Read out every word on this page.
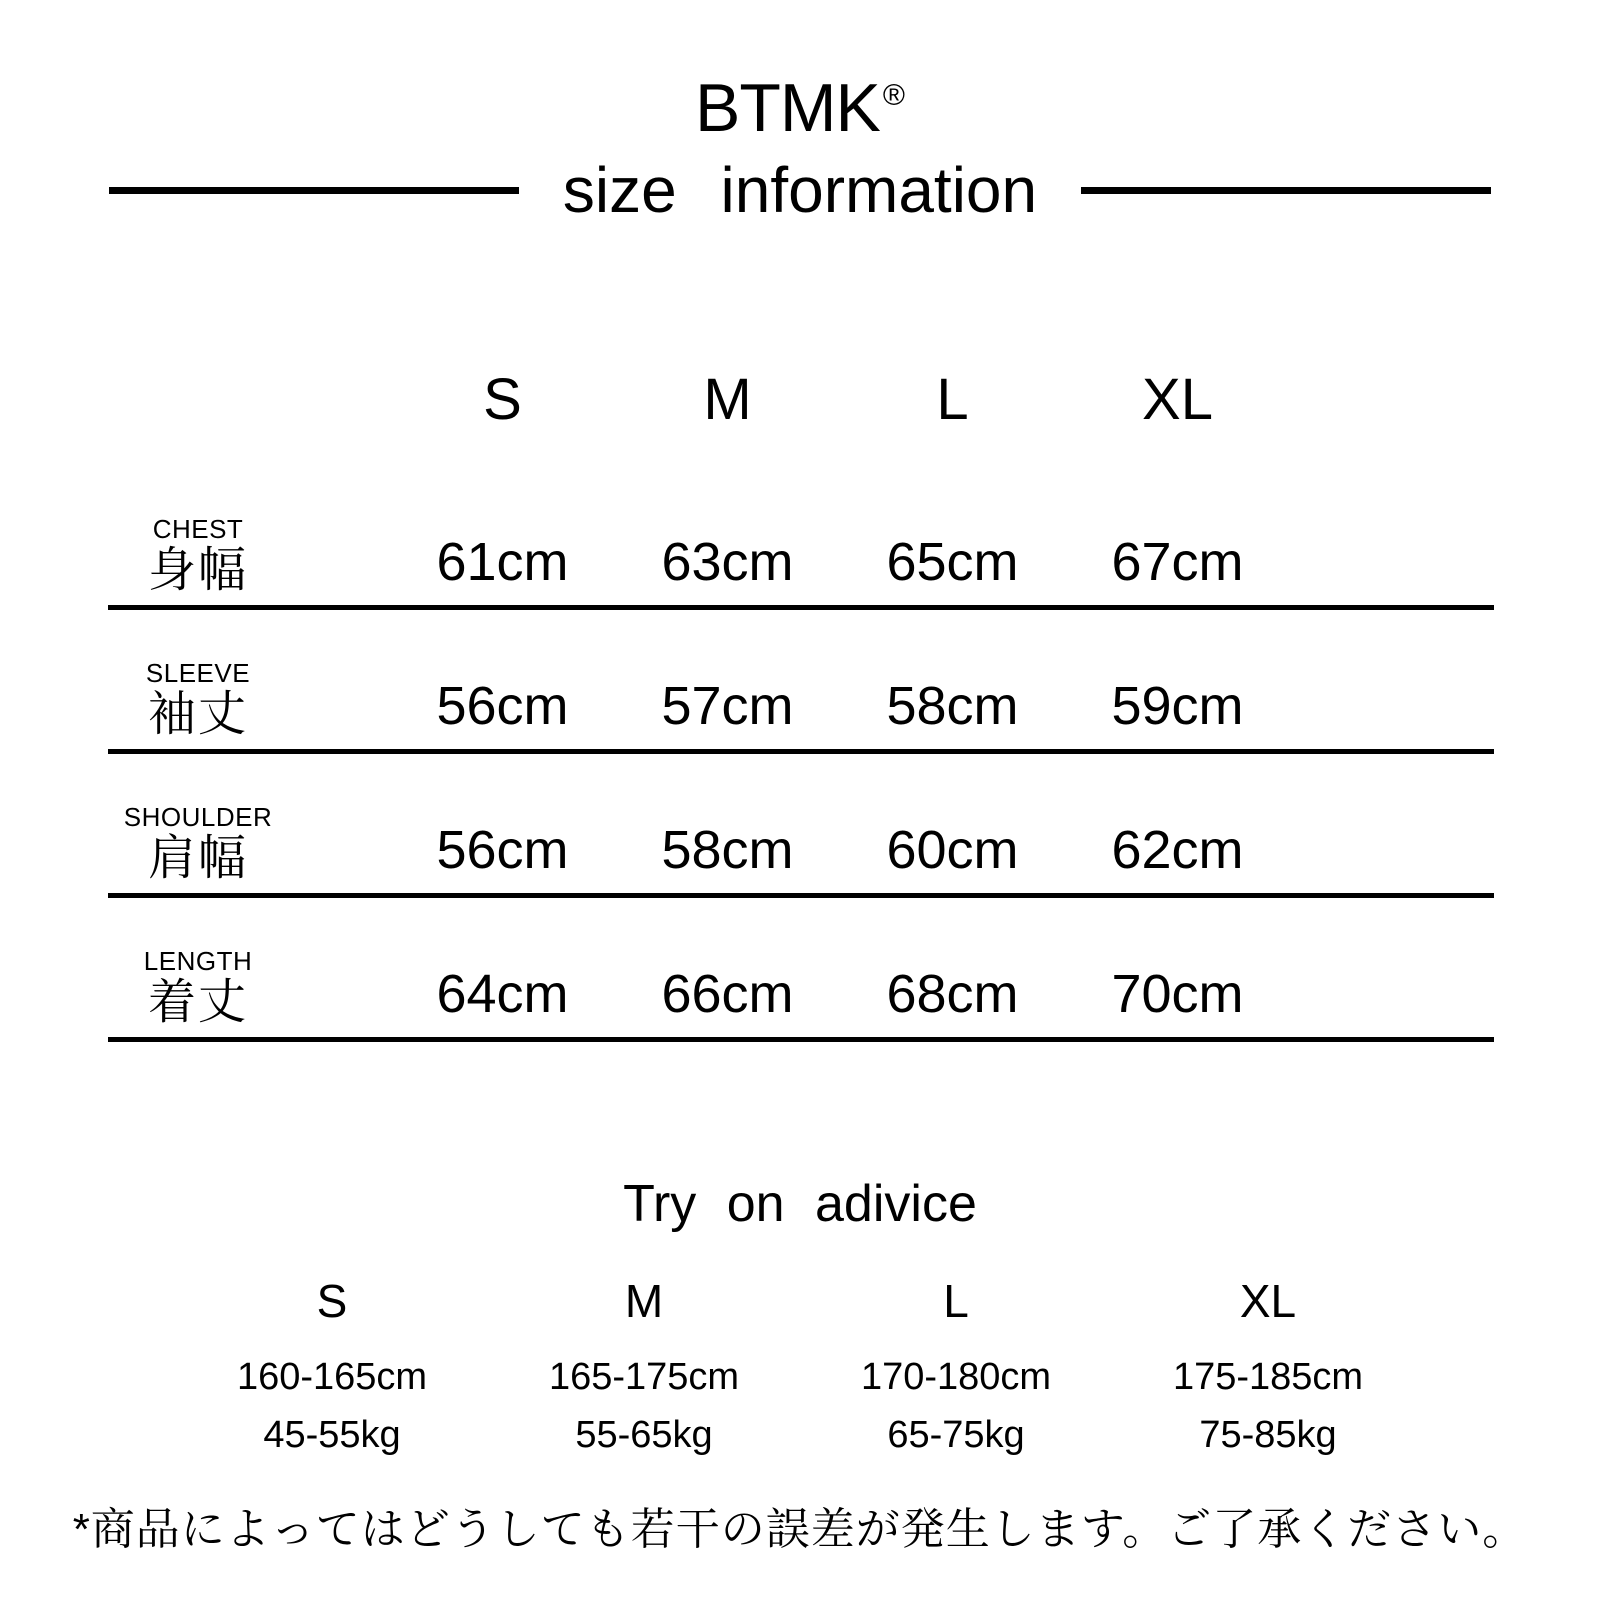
BTMK ®
size information
S	M	L	XL
CHEST
身幅	61cm	63cm	65cm	67cm
SLEEVE
袖丈	56cm	57cm	58cm	59cm
SHOULDER
肩幅	56cm	58cm	60cm	62cm
LENGTH
着丈	64cm	66cm	68cm	70cm
Try on adivice
S
160-165cm
45-55kg
M
165-175cm
55-65kg
L
170-180cm
65-75kg
XL
175-185cm
75-85kg
*商品によってはどうしても若干の誤差が発生します。ご了承ください。
